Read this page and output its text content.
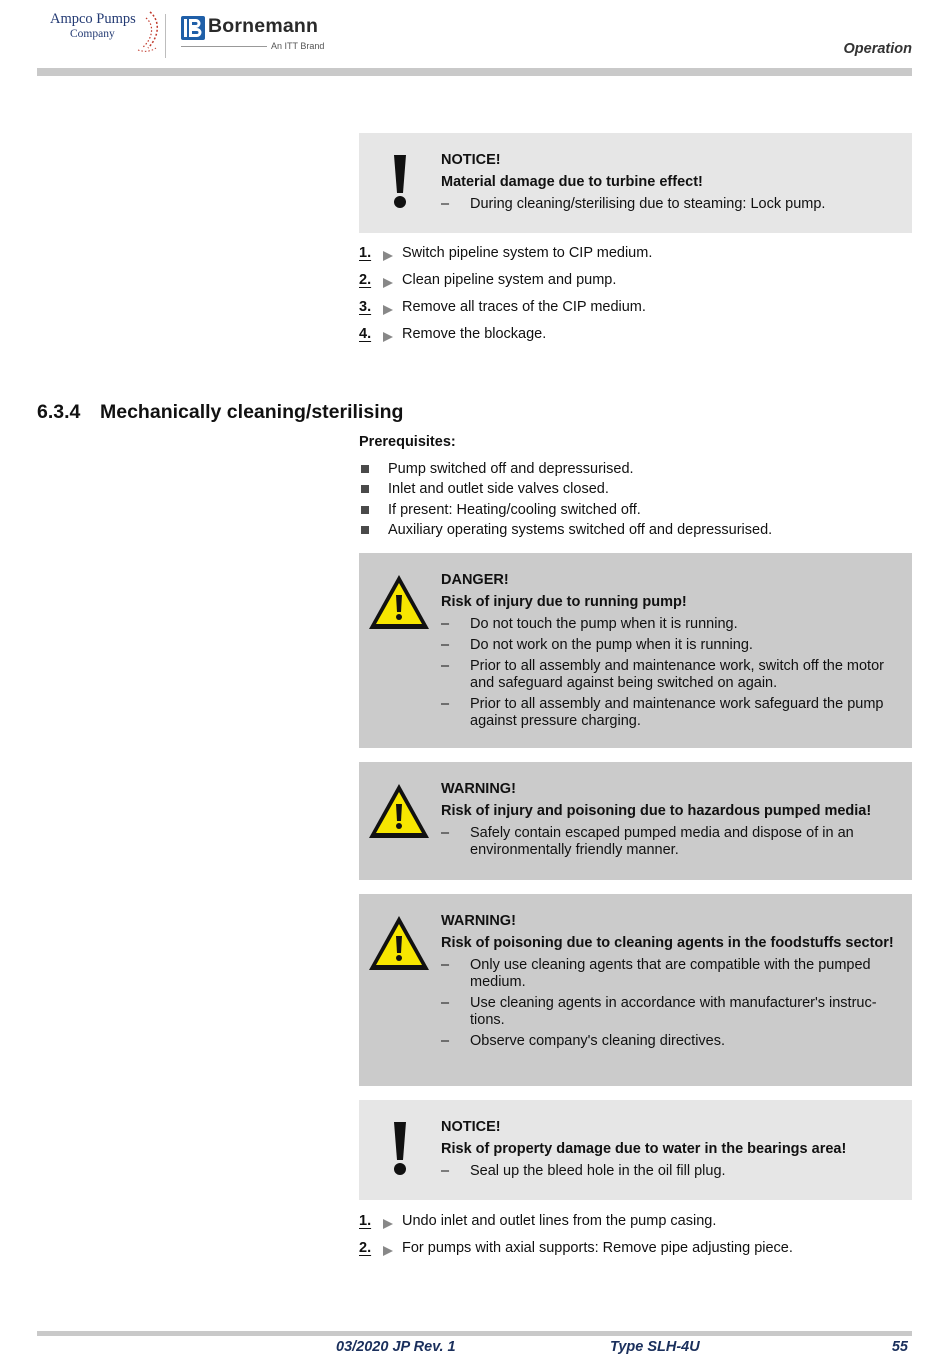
Ampco Pumps
Company	Bornemann
An ITT Brand	Operation
NOTICE!
Material damage due to turbine effect!
– During cleaning/sterilising due to steaming: Lock pump.
1. Switch pipeline system to CIP medium.
2. Clean pipeline system and pump.
3. Remove all traces of the CIP medium.
4. Remove the blockage.
6.3.4 Mechanically cleaning/sterilising
Prerequisites:
Pump switched off and depressurised.
Inlet and outlet side valves closed.
If present: Heating/cooling switched off.
Auxiliary operating systems switched off and depressurised.
DANGER!
Risk of injury due to running pump!
– Do not touch the pump when it is running.
– Do not work on the pump when it is running.
– Prior to all assembly and maintenance work, switch off the motor and safeguard against being switched on again.
– Prior to all assembly and maintenance work safeguard the pump against pressure charging.
WARNING!
Risk of injury and poisoning due to hazardous pumped media!
– Safely contain escaped pumped media and dispose of in an environmentally friendly manner.
WARNING!
Risk of poisoning due to cleaning agents in the foodstuffs sector!
– Only use cleaning agents that are compatible with the pumped medium.
– Use cleaning agents in accordance with manufacturer's instruc-tions.
– Observe company's cleaning directives.
NOTICE!
Risk of property damage due to water in the bearings area!
– Seal up the bleed hole in the oil fill plug.
1. Undo inlet and outlet lines from the pump casing.
2. For pumps with axial supports: Remove pipe adjusting piece.
03/2020 JP Rev. 1	Type SLH-4U	55
